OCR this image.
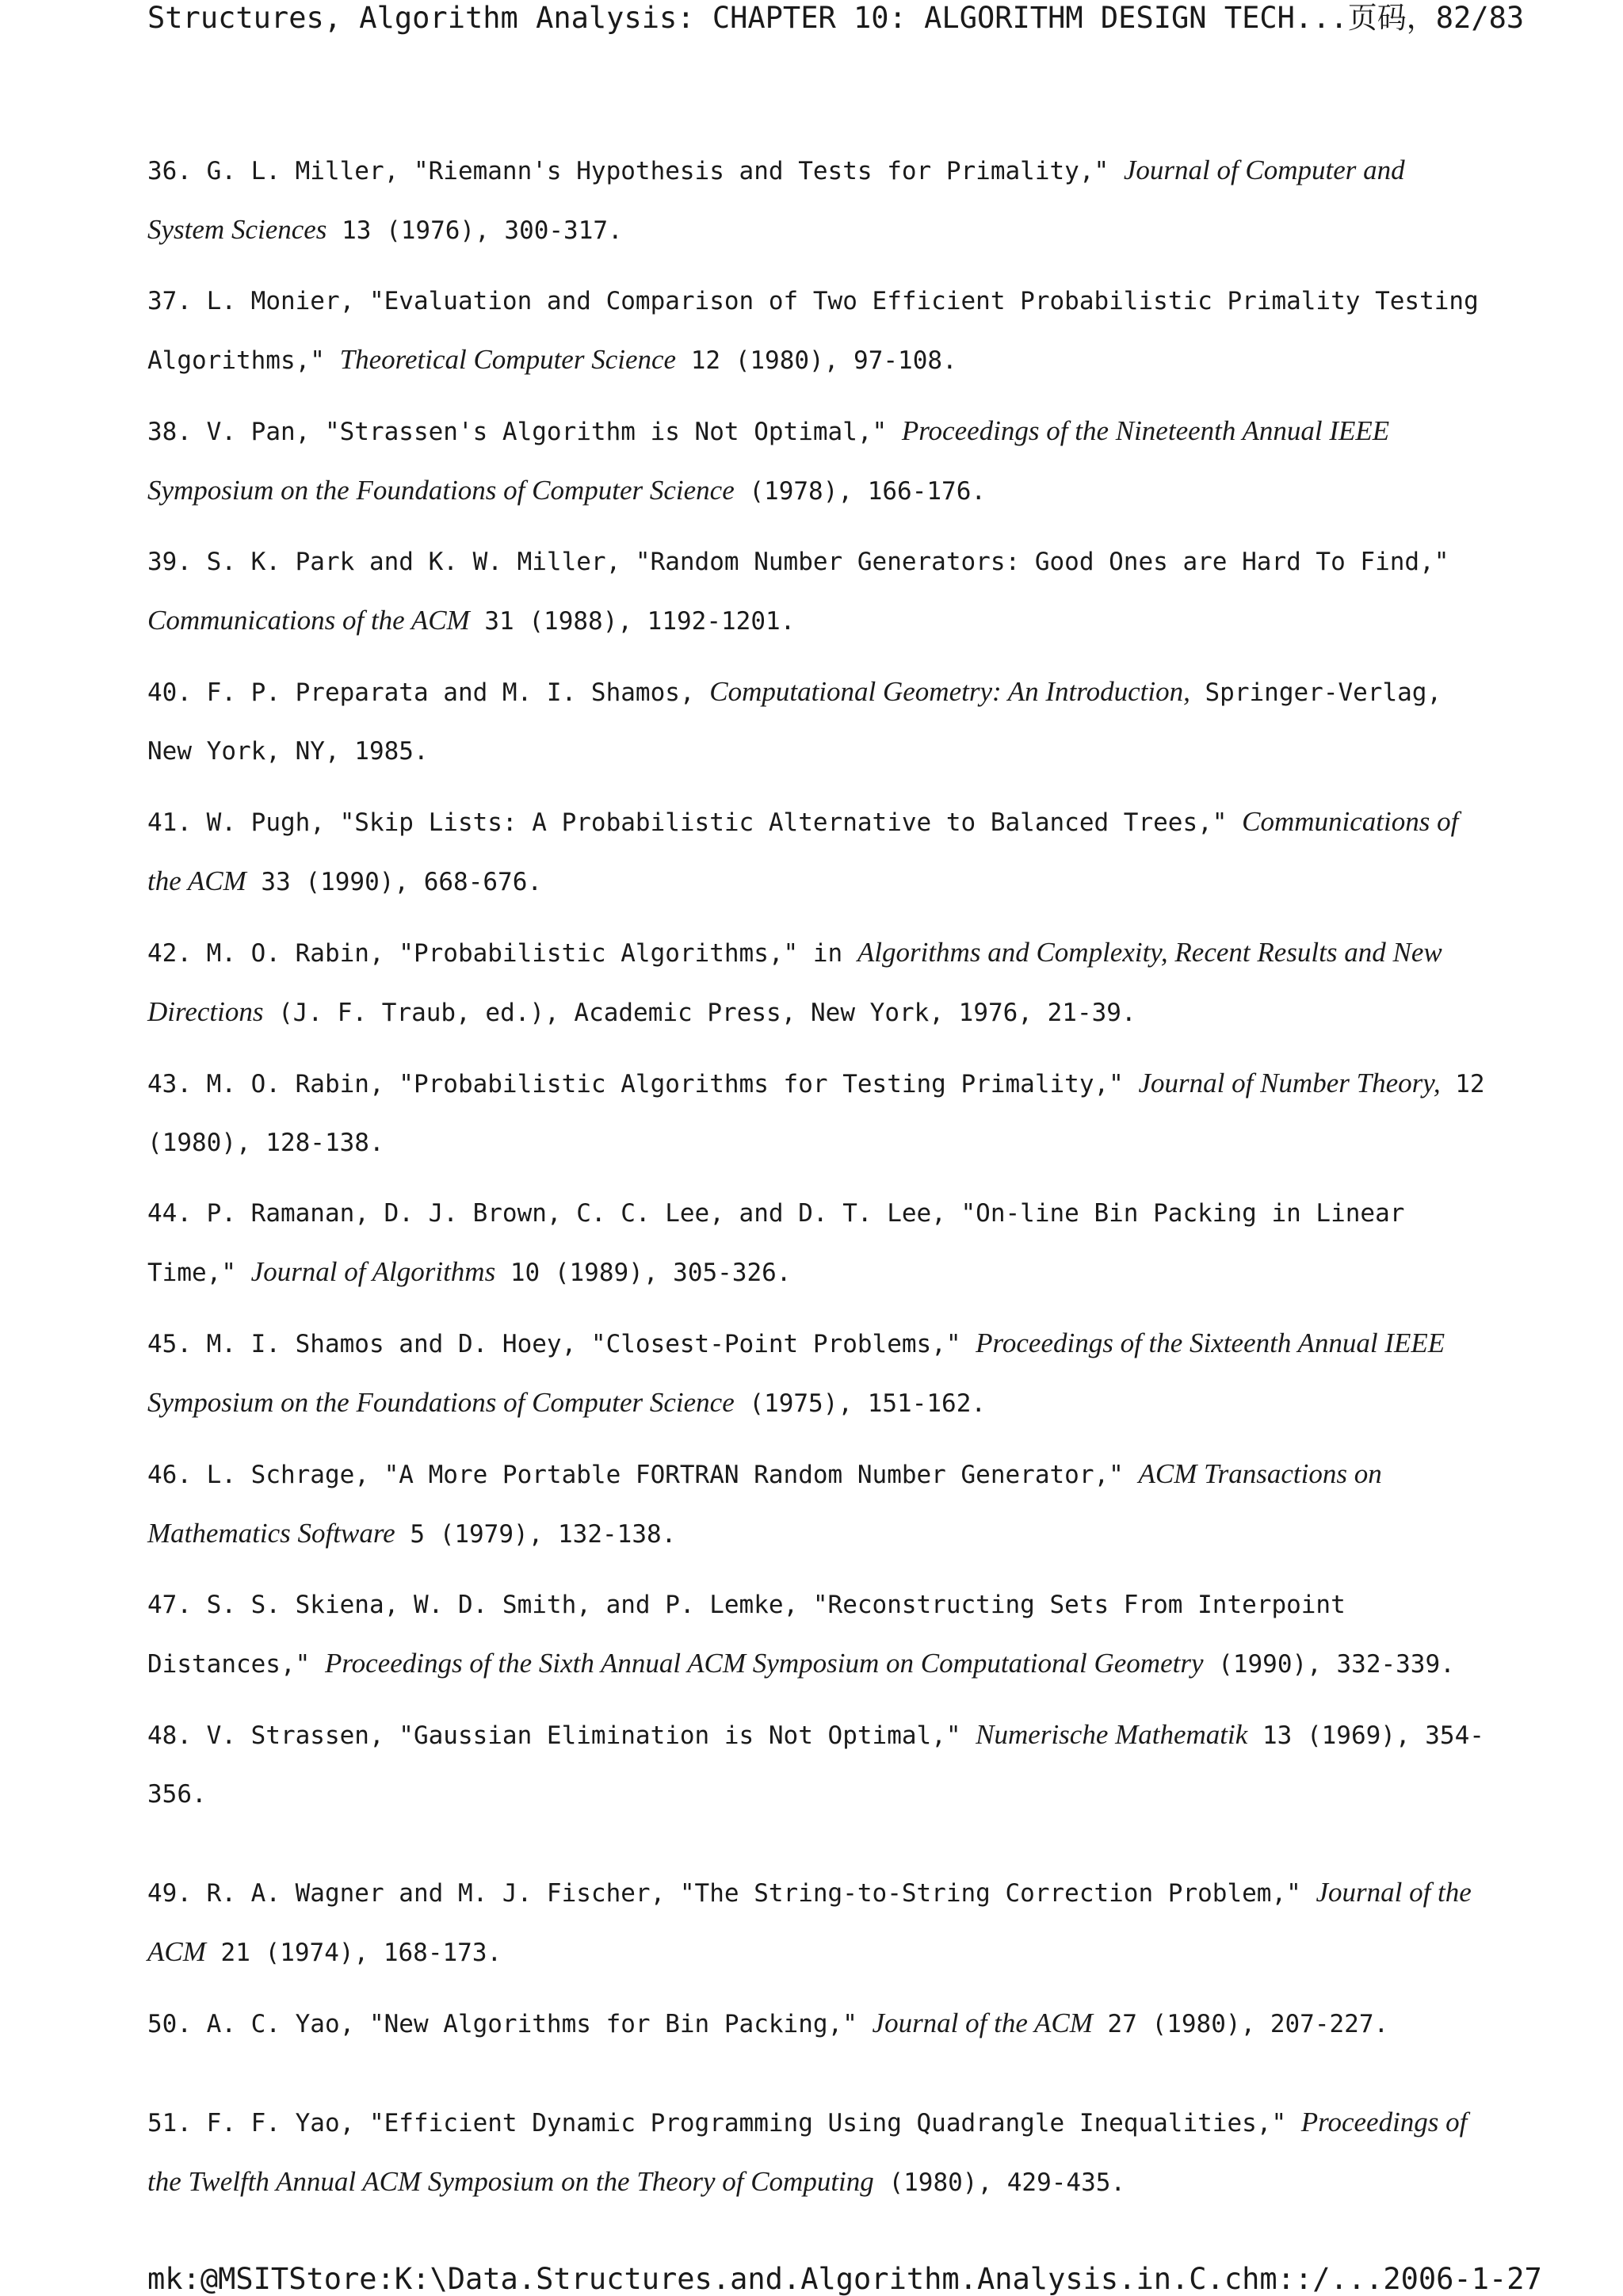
Structures, Algorithm Analysis: CHAPTER 10: ALGORITHM DESIGN TECH... 页码，82/83
36. G. L. Miller, "Riemann's Hypothesis and Tests for Primality," Journal of Computer and System Sciences 13 (1976), 300-317.
37. L. Monier, "Evaluation and Comparison of Two Efficient Probabilistic Primality Testing Algorithms," Theoretical Computer Science 12 (1980), 97-108.
38. V. Pan, "Strassen's Algorithm is Not Optimal," Proceedings of the Nineteenth Annual IEEE Symposium on the Foundations of Computer Science (1978), 166-176.
39. S. K. Park and K. W. Miller, "Random Number Generators: Good Ones are Hard To Find," Communications of the ACM 31 (1988), 1192-1201.
40. F. P. Preparata and M. I. Shamos, Computational Geometry: An Introduction, Springer-Verlag, New York, NY, 1985.
41. W. Pugh, "Skip Lists: A Probabilistic Alternative to Balanced Trees," Communications of the ACM 33 (1990), 668-676.
42. M. O. Rabin, "Probabilistic Algorithms," in Algorithms and Complexity, Recent Results and New Directions (J. F. Traub, ed.), Academic Press, New York, 1976, 21-39.
43. M. O. Rabin, "Probabilistic Algorithms for Testing Primality," Journal of Number Theory, 12 (1980), 128-138.
44. P. Ramanan, D. J. Brown, C. C. Lee, and D. T. Lee, "On-line Bin Packing in Linear Time," Journal of Algorithms 10 (1989), 305-326.
45. M. I. Shamos and D. Hoey, "Closest-Point Problems," Proceedings of the Sixteenth Annual IEEE Symposium on the Foundations of Computer Science (1975), 151-162.
46. L. Schrage, "A More Portable FORTRAN Random Number Generator," ACM Transactions on Mathematics Software 5 (1979), 132-138.
47. S. S. Skiena, W. D. Smith, and P. Lemke, "Reconstructing Sets From Interpoint Distances," Proceedings of the Sixth Annual ACM Symposium on Computational Geometry (1990), 332-339.
48. V. Strassen, "Gaussian Elimination is Not Optimal," Numerische Mathematik 13 (1969), 354-356.
49. R. A. Wagner and M. J. Fischer, "The String-to-String Correction Problem," Journal of the ACM 21 (1974), 168-173.
50. A. C. Yao, "New Algorithms for Bin Packing," Journal of the ACM 27 (1980), 207-227.
51. F. F. Yao, "Efficient Dynamic Programming Using Quadrangle Inequalities," Proceedings of the Twelfth Annual ACM Symposium on the Theory of Computing (1980), 429-435.
mk:@MSITStore:K:\Data.Structures.and.Algorithm.Analysis.in.C.chm::/... 2006-1-27
